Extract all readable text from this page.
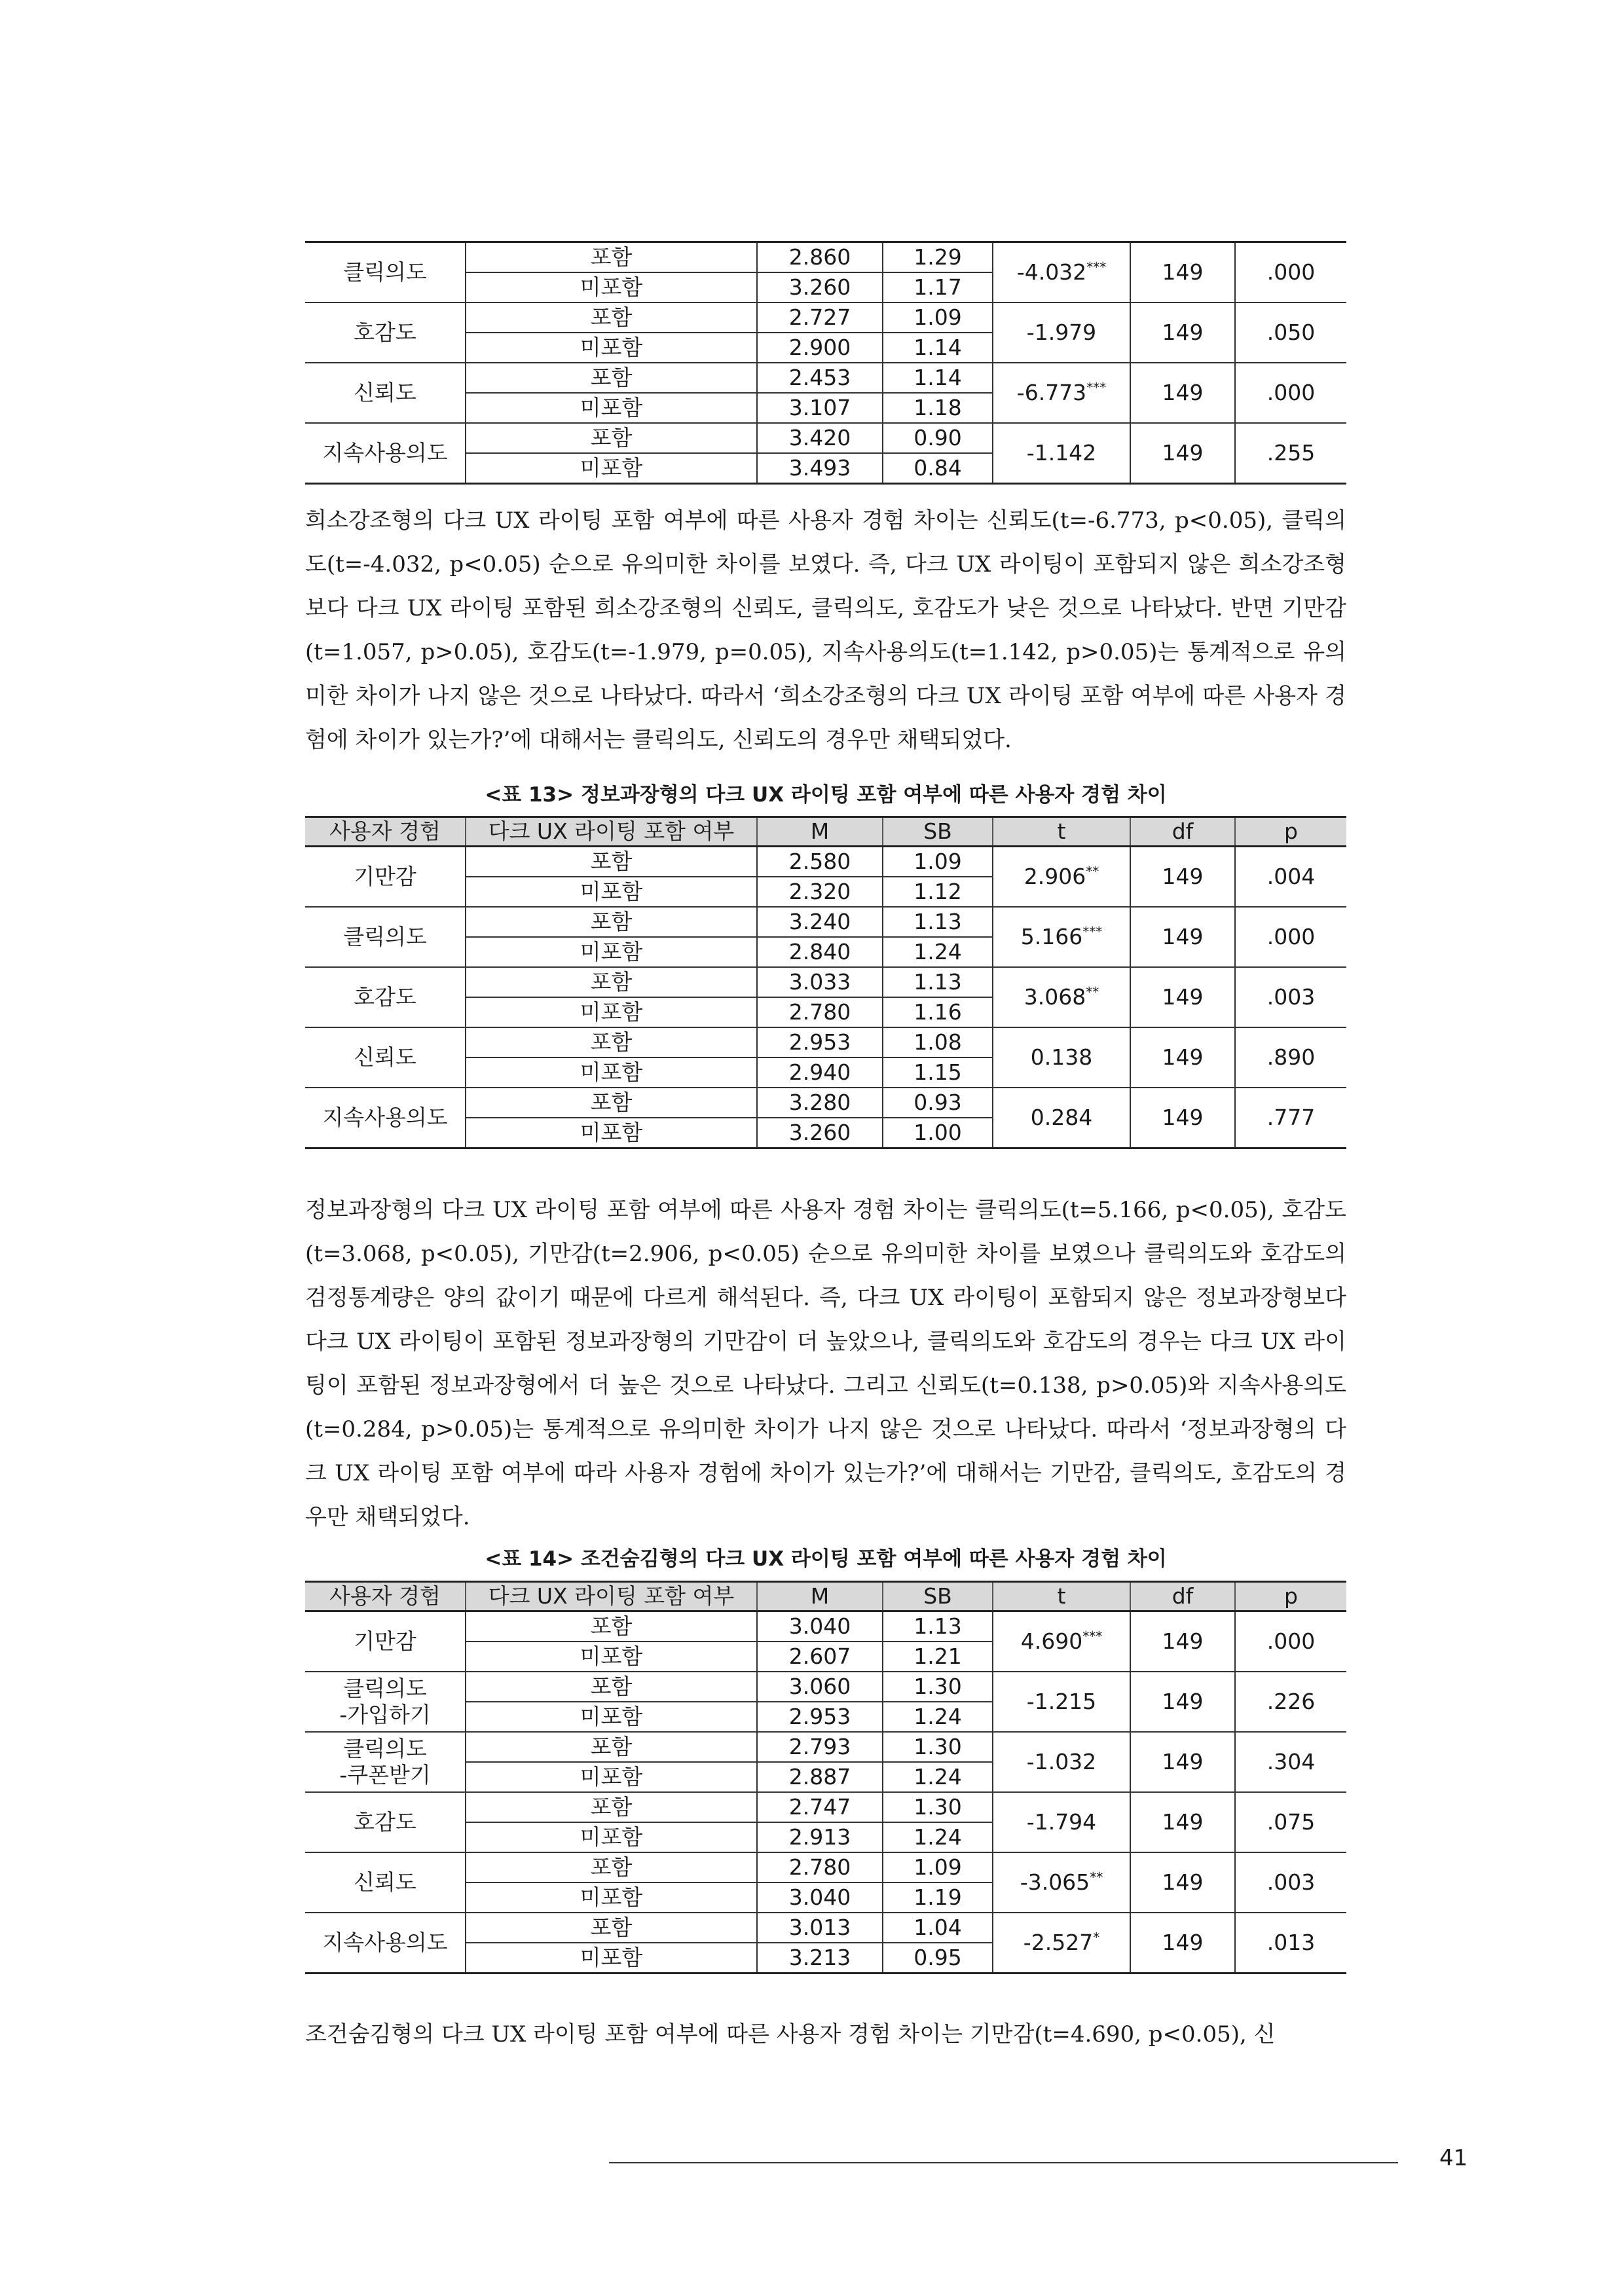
클릭의도	포함	2.860	1.29	-4.032***	149	.000
	미포함	3.260	1.17			
호감도	포함	2.727	1.09	-1.979	149	.050
	미포함	2.900	1.14			
신뢰도	포함	2.453	1.14	-6.773***	149	.000
	미포함	3.107	1.18			
지속사용의도	포함	3.420	0.90	-1.142	149	.255
	미포함	3.493	0.84			

희소강조형의 다크 UX 라이팅 포함 여부에 따른 사용자 경험 차이는 신뢰도(t=-6.773, p<0.05), 클릭의도(t=-4.032, p<0.05) 순으로 유의미한 차이를 보였다. 즉, 다크 UX 라이팅이 포함되지 않은 희소강조형보다 다크 UX 라이팅 포함된 희소강조형의 신뢰도, 클릭의도, 호감도가 낮은 것으로 나타났다. 반면 기만감(t=1.057, p>0.05), 호감도(t=-1.979, p=0.05), 지속사용의도(t=1.142, p>0.05)는 통계적으로 유의미한 차이가 나지 않은 것으로 나타났다. 따라서 ‘희소강조형의 다크 UX 라이팅 포함 여부에 따른 사용자 경험에 차이가 있는가?’에 대해서는 클릭의도, 신뢰도의 경우만 채택되었다.

<표 13> 정보과장형의 다크 UX 라이팅 포함 여부에 따른 사용자 경험 차이
사용자 경험	다크 UX 라이팅 포함 여부	M	SB	t	df	p
기만감	포함	2.580	1.09	2.906**	149	.004
	미포함	2.320	1.12			
클릭의도	포함	3.240	1.13	5.166***	149	.000
	미포함	2.840	1.24			
호감도	포함	3.033	1.13	3.068**	149	.003
	미포함	2.780	1.16			
신뢰도	포함	2.953	1.08	0.138	149	.890
	미포함	2.940	1.15			
지속사용의도	포함	3.280	0.93	0.284	149	.777
	미포함	3.260	1.00			

정보과장형의 다크 UX 라이팅 포함 여부에 따른 사용자 경험 차이는 클릭의도(t=5.166, p<0.05), 호감도(t=3.068, p<0.05), 기만감(t=2.906, p<0.05) 순으로 유의미한 차이를 보였으나 클릭의도와 호감도의 검정통계량은 양의 값이기 때문에 다르게 해석된다. 즉, 다크 UX 라이팅이 포함되지 않은 정보과장형보다 다크 UX 라이팅이 포함된 정보과장형의 기만감이 더 높았으나, 클릭의도와 호감도의 경우는 다크 UX 라이팅이 포함된 정보과장형에서 더 높은 것으로 나타났다. 그리고 신뢰도(t=0.138, p>0.05)와 지속사용의도(t=0.284, p>0.05)는 통계적으로 유의미한 차이가 나지 않은 것으로 나타났다. 따라서 ‘정보과장형의 다크 UX 라이팅 포함 여부에 따라 사용자 경험에 차이가 있는가?’에 대해서는 기만감, 클릭의도, 호감도의 경우만 채택되었다.

<표 14> 조건숨김형의 다크 UX 라이팅 포함 여부에 따른 사용자 경험 차이
사용자 경험	다크 UX 라이팅 포함 여부	M	SB	t	df	p
기만감	포함	3.040	1.13	4.690***	149	.000
	미포함	2.607	1.21			
클릭의도
-가입하기	포함	3.060	1.30	-1.215	149	.226
	미포함	2.953	1.24			
클릭의도
-쿠폰받기	포함	2.793	1.30	-1.032	149	.304
	미포함	2.887	1.24			
호감도	포함	2.747	1.30	-1.794	149	.075
	미포함	2.913	1.24			
신뢰도	포함	2.780	1.09	-3.065**	149	.003
	미포함	3.040	1.19			
지속사용의도	포함	3.013	1.04	-2.527*	149	.013
	미포함	3.213	0.95			

조건숨김형의 다크 UX 라이팅 포함 여부에 따른 사용자 경험 차이는 기만감(t=4.690, p<0.05), 신

41
